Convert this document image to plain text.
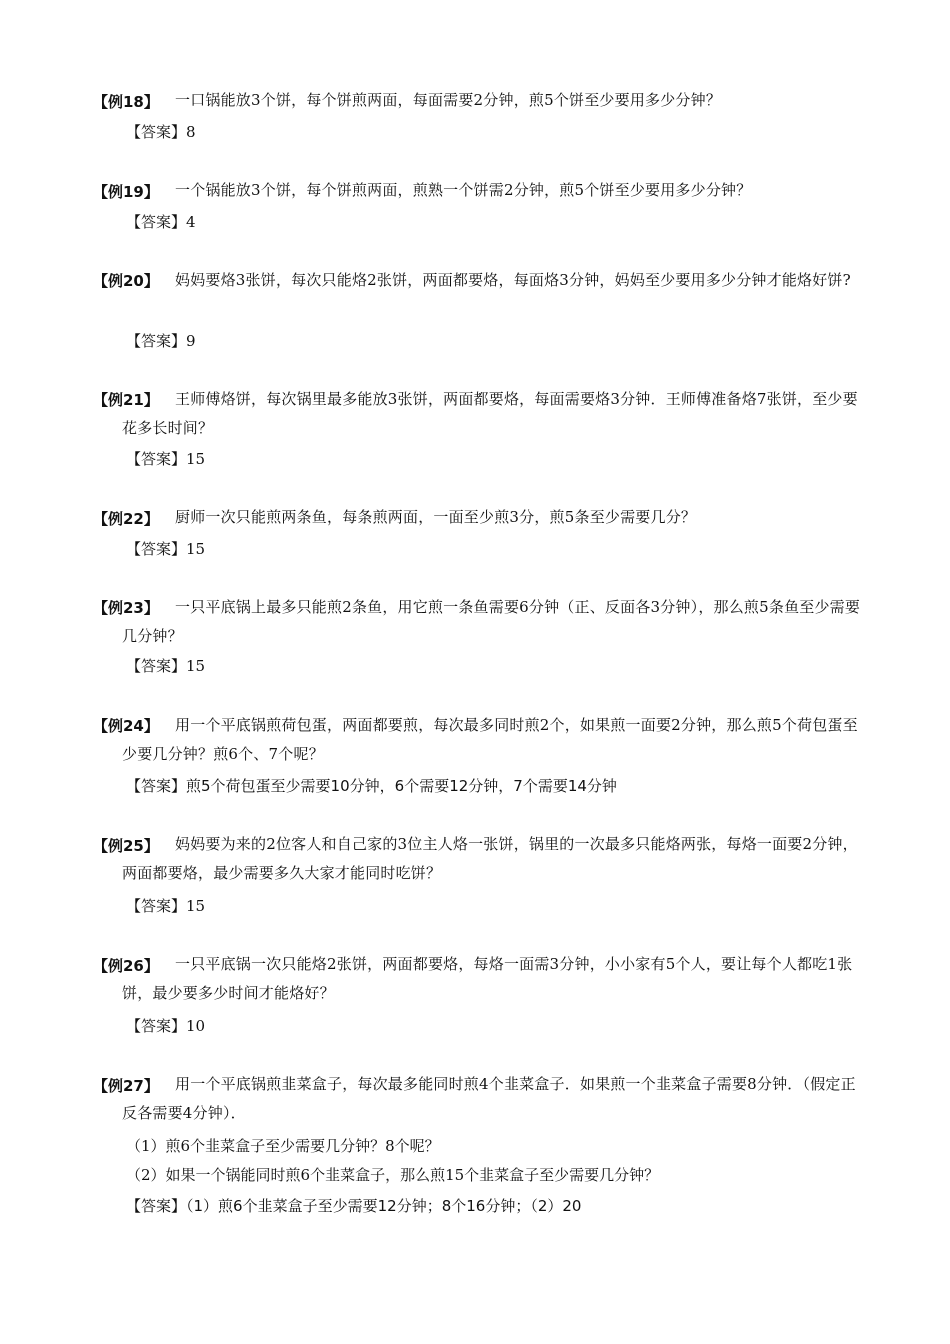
【例18】	一口锅能放3个饼，每个饼煎两面，每面需要2分钟，煎5个饼至少要用多少分钟？
【答案】8
【例19】	一个锅能放3个饼，每个饼煎两面，煎熟一个饼需2分钟，煎5个饼至少要用多少分钟？
【答案】4
【例20】	妈妈要烙3张饼，每次只能烙2张饼，两面都要烙，每面烙3分钟，妈妈至少要用多少分钟才能烙好饼?
【答案】9
【例21】	王师傅烙饼，每次锅里最多能放3张饼，两面都要烙，每面需要烙3分钟．王师傅准备烙7张饼，至少要花多长时间？
【答案】15
【例22】	厨师一次只能煎两条鱼，每条煎两面，一面至少煎3分，煎5条至少需要几分？
【答案】15
【例23】	一只平底锅上最多只能煎2条鱼，用它煎一条鱼需要6分钟（正、反面各3分钟），那么煎5条鱼至少需要几分钟？
【答案】15
【例24】	用一个平底锅煎荷包蛋，两面都要煎，每次最多同时煎2个，如果煎一面要2分钟，那么煎5个荷包蛋至少要几分钟？煎6个、7个呢？
【答案】煎5个荷包蛋至少需要10分钟，6个需要12分钟，7个需要14分钟
【例25】	妈妈要为来的2位客人和自己家的3位主人烙一张饼，锅里的一次最多只能烙两张，每烙一面要2分钟，两面都要烙，最少需要多久大家才能同时吃饼？
【答案】15
【例26】	一只平底锅一次只能烙2张饼，两面都要烙，每烙一面需3分钟，小小家有5个人，要让每个人都吃1张饼，最少要多少时间才能烙好？
【答案】10
【例27】	用一个平底锅煎韭菜盒子，每次最多能同时煎4个韭菜盒子．如果煎一个韭菜盒子需要8分钟．（假定正反各需要4分钟）．
（1）煎6个韭菜盒子至少需要几分钟？8个呢？
（2）如果一个锅能同时煎6个韭菜盒子，那么煎15个韭菜盒子至少需要几分钟？
【答案】（1）煎6个韭菜盒子至少需要12分钟；8个16分钟；（2）20
